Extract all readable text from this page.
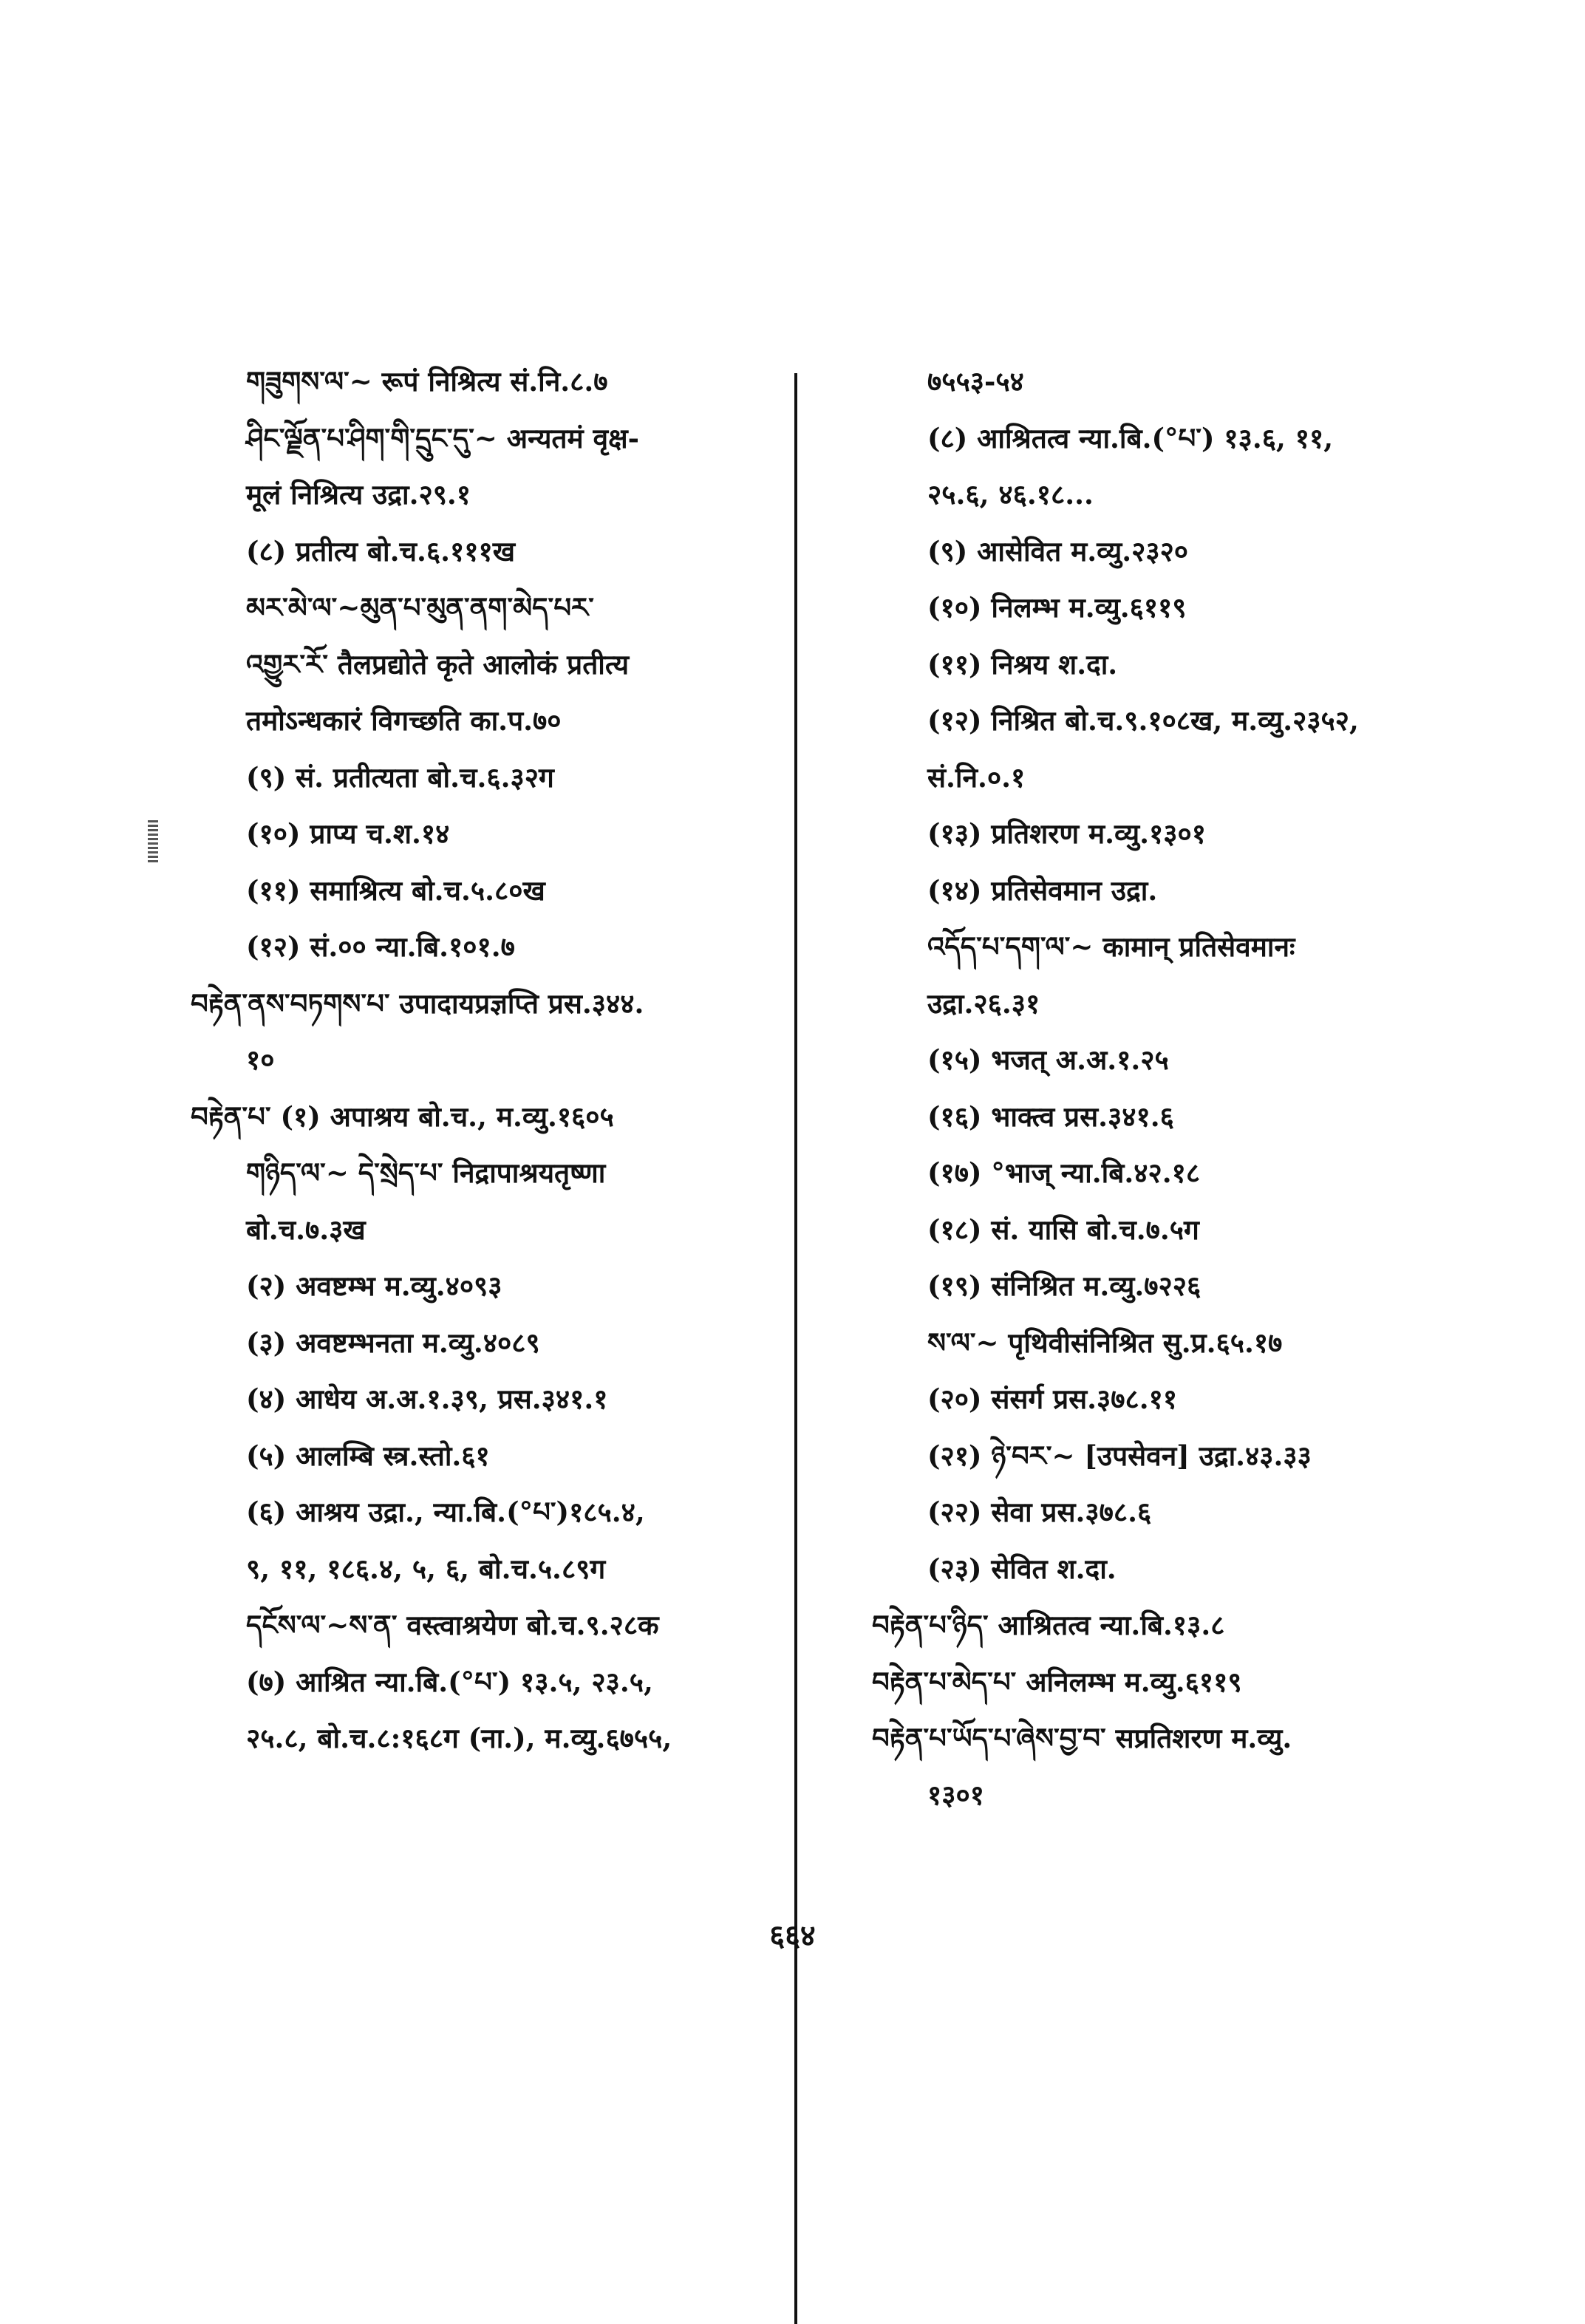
གཟུགས་ལ་~ रूपं निश्रित्य सं.नि.८.७
ཤིང་ལྗོན་པ་ཤིག་གི་དྲུང་དུ་~ अन्यतमं वृक्ष-
मूलं निश्रित्य उद्रा.२९.१
(८) प्रतीत्य बो.च.६.१११ख
མར་མེ་ལ་~མུན་པ་མུན་ནག་མེད་པར་
འགྱུར་རོ་ तैलप्रद्योते कृते आलोकं प्रतीत्य
तमोऽन्धकारं विगच्छति का.प.७०
(९) सं. प्रतीत्यता बो.च.६.३२ग
(१०) प्राप्य च.श.१४
(११) समाश्रित्य बो.च.५.८०ख
(१२) सं.०० न्या.बि.१०१.७
བརྟེན་ནས་བཏགས་པ་ उपादायप्रज्ञप्ति प्रस.३४४.
१०
བརྟེན་པ་ (१) अपाश्रय बो.च., म.व्यु.१६०५
གཉིད་ལ་~ དེ་སྲེད་པ་ निद्रापाश्रयतृष्णा
बो.च.७.३ख
(२) अवष्टम्भ म.व्यु.४०९३
(३) अवष्टम्भनता म.व्यु.४०८९
(४) आधेय अ.अ.१.३९, प्रस.३४१.१
(५) आलम्बि स्त्र.स्तो.६१
(६) आश्रय उद्रा., न्या.बि.(°པ་)१८५.४,
९, ११, १८६.४, ५, ६, बो.च.५.८९ग
དངོས་ལ་~ས་ན་ वस्त्वाश्रयेण बो.च.९.२८क
(७) आश्रित न्या.बि.(°པ་) १३.५, २३.५,
२५.८, बो.च.८:१६८ग (ना.), म.व्यु.६७५५,
७५५३-५४
(८) आश्रितत्व न्या.बि.(°པ་) १३.६, ११,
२५.६, ४६.१८...
(९) आसेवित म.व्यु.२३२०
(१०) निलम्भ म.व्यु.६११९
(११) निश्रय श.दा.
(१२) निश्रित बो.च.९.१०८ख, म.व्यु.२३५२,
सं.नि.०.१
(१३) प्रतिशरण म.व्यु.१३०१
(१४) प्रतिसेवमान उद्रा.
འདོད་པ་དག་ལ་~ कामान् प्रतिसेवमानः
उद्रा.२६.३१
(१५) भजत् अ.अ.१.२५
(१६) भाक्त्व प्रस.३४१.६
(१७) °भाज् न्या.बि.४२.१८
(१८) सं. यासि बो.च.७.५ग
(१९) संनिश्रित म.व्यु.७२२६
ས་ལ་~ पृथिवीसंनिश्रित सु.प्र.६५.१७
(२०) संसर्ग प्रस.३७८.११
(२१) ཉེ་བར་~ [उपसेवन] उद्रा.४३.३३
(२२) सेवा प्रस.३७८.६
(२३) सेवित श.दा.
བརྟེན་པ་ཉིད་ आश्रितत्व न्या.बि.१३.८
བརྟེན་པ་མེད་པ་ अनिलम्भ म.व्यु.६११९
བརྟེན་པ་ཡོད་པ་ཞེས་བྱ་བ་ सप्रतिशरण म.व्यु.
१३०१
६६४
